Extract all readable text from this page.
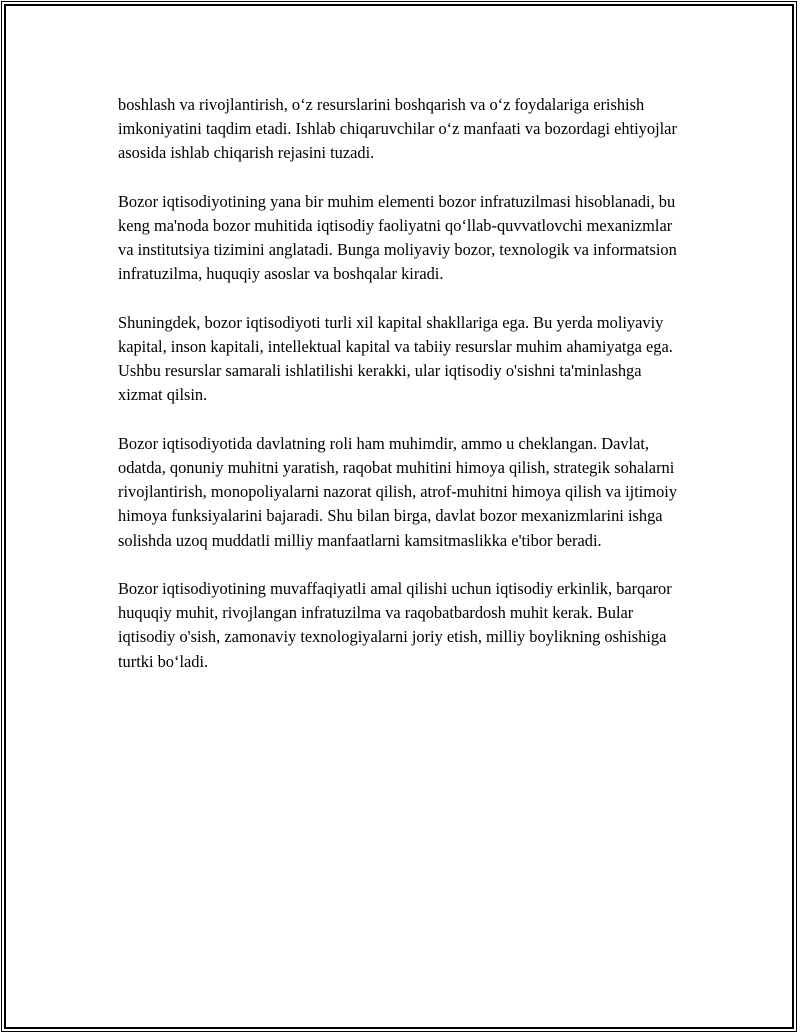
boshlash va rivojlantirish, o‘z resurslarini boshqarish va o‘z foydalariga erishish imkoniyatini taqdim etadi. Ishlab chiqaruvchilar o‘z manfaati va bozordagi ehtiyojlar asosida ishlab chiqarish rejasini tuzadi.

Bozor iqtisodiyotining yana bir muhim elementi bozor infratuzilmasi hisoblanadi, bu keng ma'noda bozor muhitida iqtisodiy faoliyatni qo‘llab-quvvatlovchi mexanizmlar va institutsiya tizimini anglatadi. Bunga moliyaviy bozor, texnologik va informatsion infratuzilma, huquqiy asoslar va boshqalar kiradi.

Shuningdek, bozor iqtisodiyoti turli xil kapital shakllariga ega. Bu yerda moliyaviy kapital, inson kapitali, intellektual kapital va tabiiy resurslar muhim ahamiyatga ega. Ushbu resurslar samarali ishlatilishi kerakki, ular iqtisodiy o'sishni ta'minlashga xizmat qilsin.

Bozor iqtisodiyotida davlatning roli ham muhimdir, ammo u cheklangan. Davlat, odatda, qonuniy muhitni yaratish, raqobat muhitini himoya qilish, strategik sohalarni rivojlantirish, monopoliyalarni nazorat qilish, atrof-muhitni himoya qilish va ijtimoiy himoya funksiyalarini bajaradi. Shu bilan birga, davlat bozor mexanizmlarini ishga solishda uzoq muddatli milliy manfaatlarni kamsitmaslikka e'tibor beradi.

Bozor iqtisodiyotining muvaffaqiyatli amal qilishi uchun iqtisodiy erkinlik, barqaror huquqiy muhit, rivojlangan infratuzilma va raqobatbardosh muhit kerak. Bular iqtisodiy o'sish, zamonaviy texnologiyalarni joriy etish, milliy boylikning oshishiga turtki bo‘ladi.
